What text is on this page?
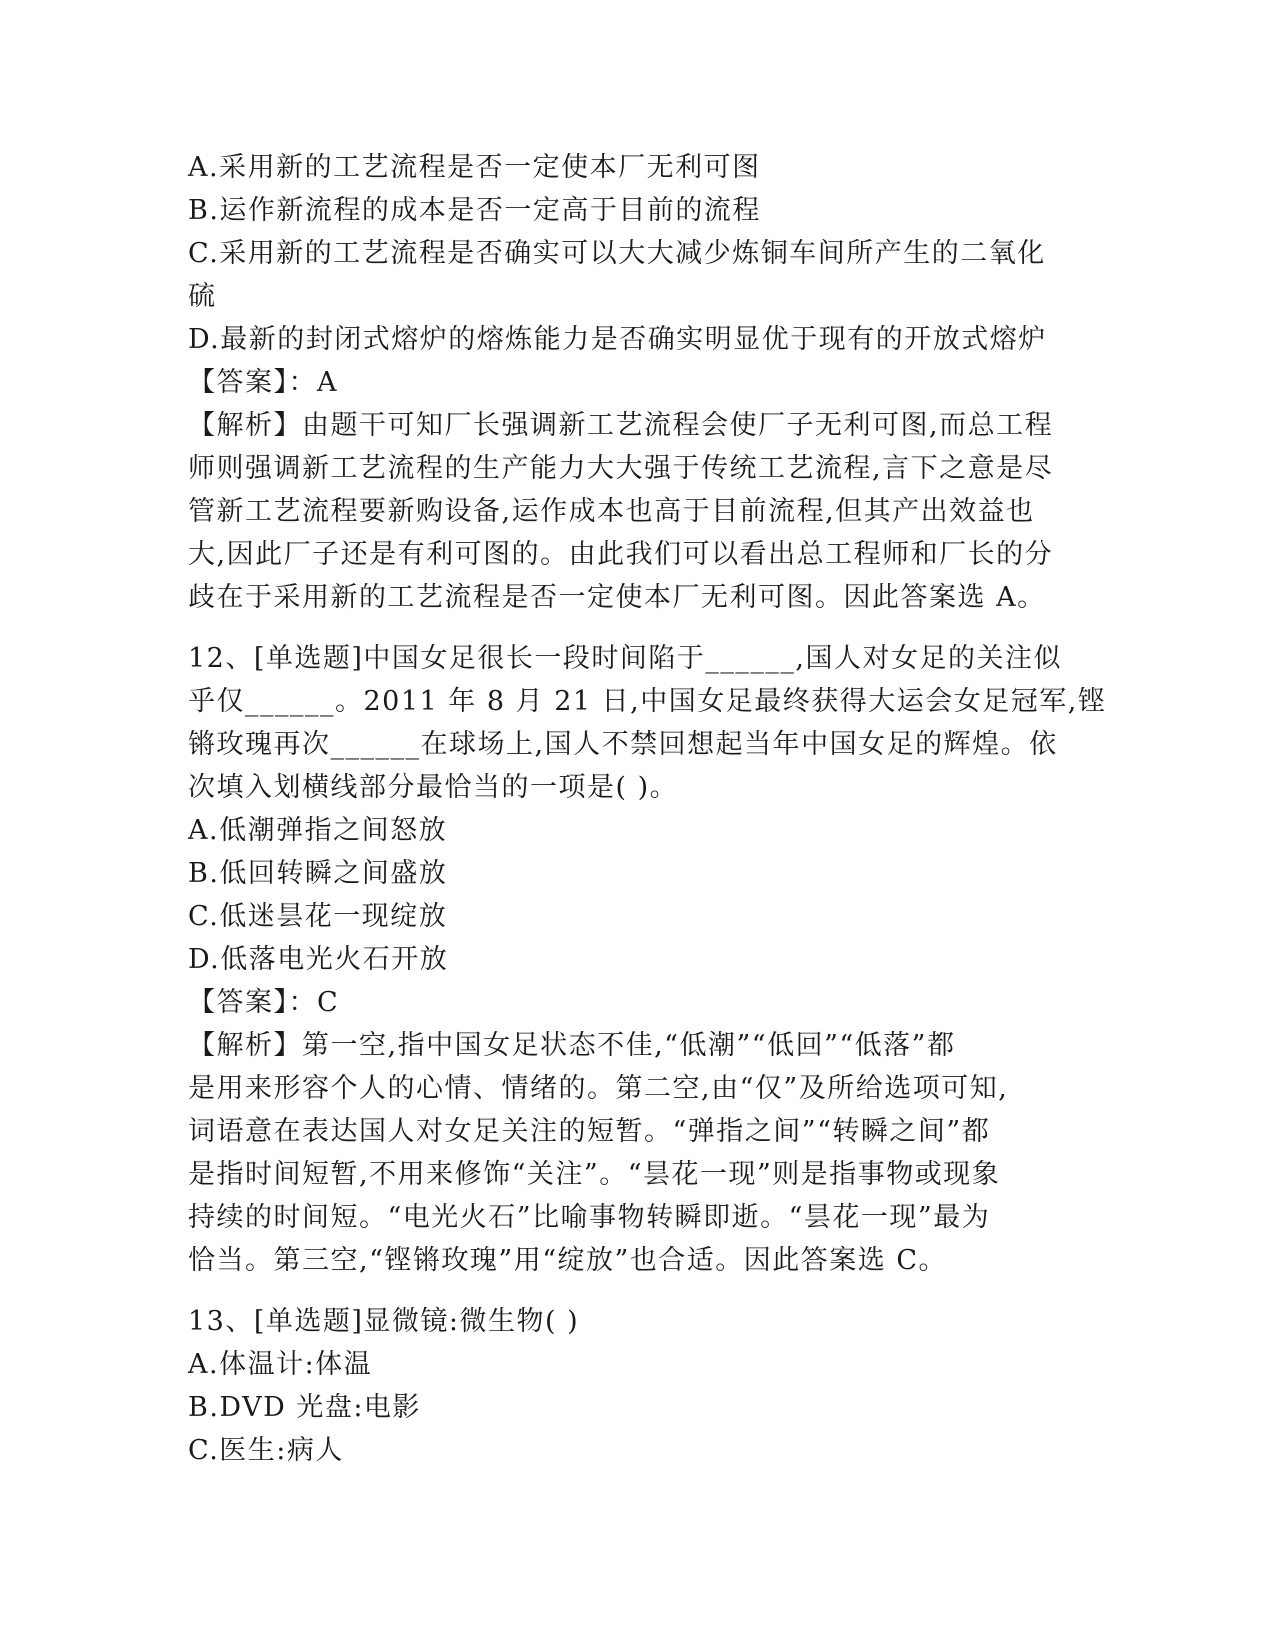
A.采用新的工艺流程是否一定使本厂无利可图
B.运作新流程的成本是否一定高于目前的流程
C.采用新的工艺流程是否确实可以大大减少炼铜车间所产生的二氧化
硫
D.最新的封闭式熔炉的熔炼能力是否确实明显优于现有的开放式熔炉
【答案】：A
【解析】由题干可知厂长强调新工艺流程会使厂子无利可图,而总工程
师则强调新工艺流程的生产能力大大强于传统工艺流程,言下之意是尽
管新工艺流程要新购设备,运作成本也高于目前流程,但其产出效益也
大,因此厂子还是有利可图的。由此我们可以看出总工程师和厂长的分
歧在于采用新的工艺流程是否一定使本厂无利可图。因此答案选 A。
12、[单选题]中国女足很长一段时间陷于______,国人对女足的关注似
乎仅______。2011 年 8 月 21 日,中国女足最终获得大运会女足冠军,铿
锵玫瑰再次______在球场上,国人不禁回想起当年中国女足的辉煌。依
次填入划横线部分最恰当的一项是( )。
A.低潮弹指之间怒放
B.低回转瞬之间盛放
C.低迷昙花一现绽放
D.低落电光火石开放
【答案】：C
【解析】第一空,指中国女足状态不佳,“低潮”“低回”“低落”都
是用来形容个人的心情、情绪的。第二空,由“仅”及所给选项可知,
词语意在表达国人对女足关注的短暂。“弹指之间”“转瞬之间”都
是指时间短暂,不用来修饰“关注”。“昙花一现”则是指事物或现象
持续的时间短。“电光火石”比喻事物转瞬即逝。“昙花一现”最为
恰当。第三空,“铿锵玫瑰”用“绽放”也合适。因此答案选 C。
13、[单选题]显微镜:微生物( )
A.体温计:体温
B.DVD 光盘:电影
C.医生:病人
